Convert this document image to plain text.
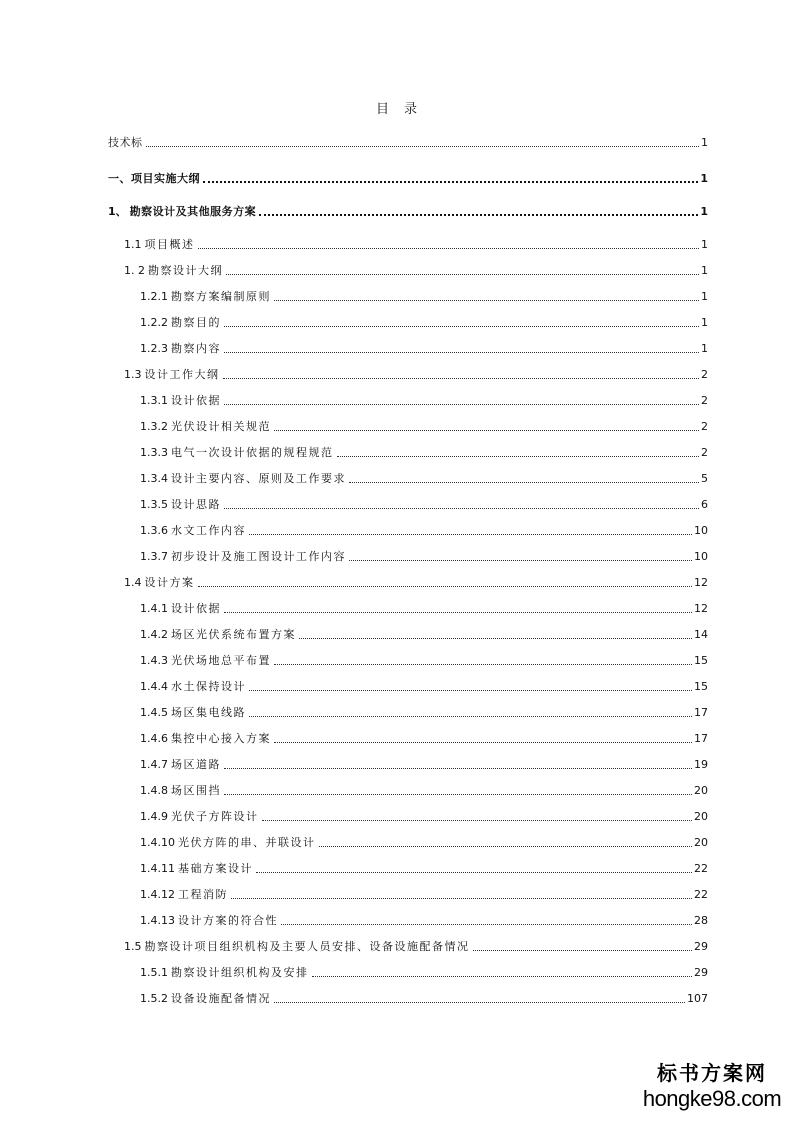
目 录
技术标	1
一、项目实施大纲	1
1、 勘察设计及其他服务方案	1
1.1 项目概述	1
1. 2 勘察设计大纲	1
1.2.1 勘察方案编制原则	1
1.2.2 勘察目的	1
1.2.3 勘察内容	1
1.3 设计工作大纲	2
1.3.1 设计依据	2
1.3.2 光伏设计相关规范	2
1.3.3 电气一次设计依据的规程规范	2
1.3.4 设计主要内容、原则及工作要求	5
1.3.5 设计思路	6
1.3.6 水文工作内容	10
1.3.7 初步设计及施工图设计工作内容	10
1.4 设计方案	12
1.4.1 设计依据	12
1.4.2 场区光伏系统布置方案	14
1.4.3 光伏场地总平布置	15
1.4.4 水土保持设计	15
1.4.5 场区集电线路	17
1.4.6 集控中心接入方案	17
1.4.7 场区道路	19
1.4.8 场区围挡	20
1.4.9 光伏子方阵设计	20
1.4.10 光伏方阵的串、并联设计	20
1.4.11 基础方案设计	22
1.4.12 工程消防	22
1.4.13 设计方案的符合性	28
1.5 勘察设计项目组织机构及主要人员安排、设备设施配备情况	29
1.5.1 勘察设计组织机构及安排	29
1.5.2 设备设施配备情况	107
标书方案网
hongke98.com
